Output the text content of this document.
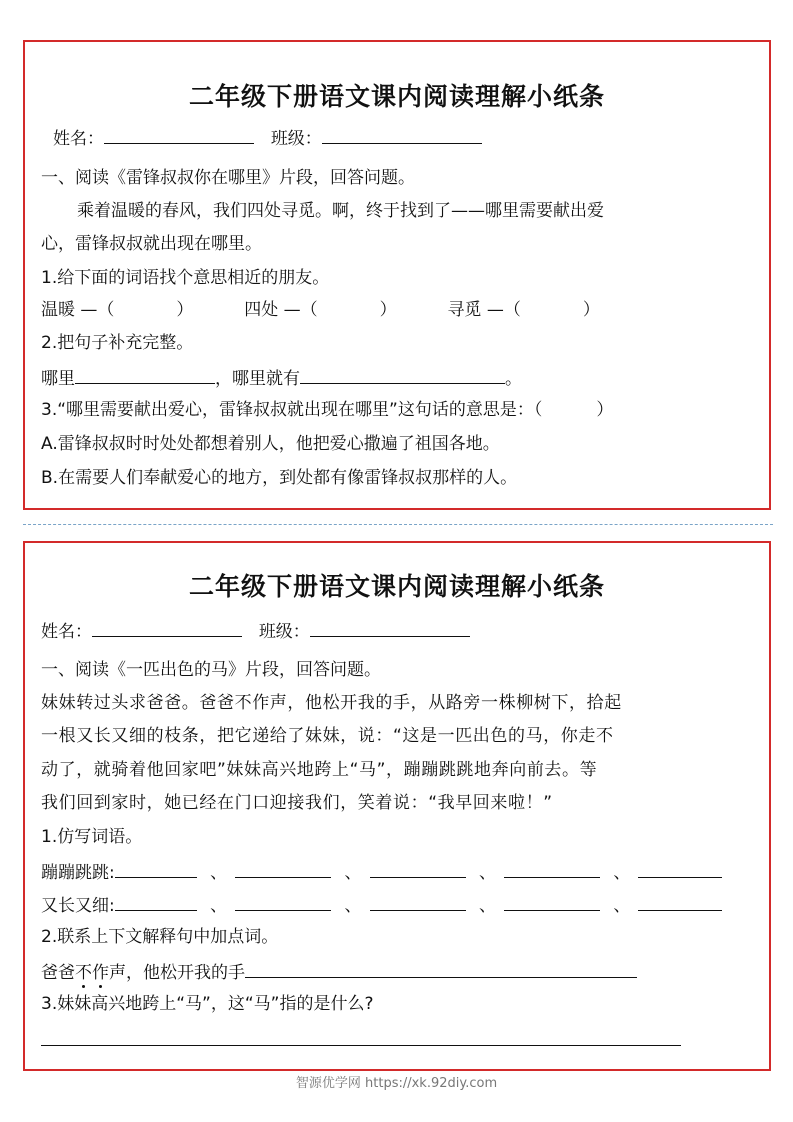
二年级下册语文课内阅读理解小纸条
姓名：	班级：
一、阅读《雷锋叔叔你在哪里》片段，回答问题。
乘着温暖的春风，我们四处寻觅。啊，终于找到了——哪里需要献出爱
心，雷锋叔叔就出现在哪里。
1.给下面的词语找个意思相近的朋友。
温暖 —（	）	四处 —（	）	寻觅 —（	）
2.把句子补充完整。
哪里	，哪里就有	。
3.“哪里需要献出爱心，雷锋叔叔就出现在哪里”这句话的意思是：（	）
A.雷锋叔叔时时处处都想着别人，他把爱心撒遍了祖国各地。
B.在需要人们奉献爱心的地方，到处都有像雷锋叔叔那样的人。
二年级下册语文课内阅读理解小纸条
姓名：	班级：
一、阅读《一匹出色的马》片段，回答问题。
妹妹转过头求爸爸。爸爸不作声，他松开我的手，从路旁一株柳树下，拾起
一根又长又细的枝条，把它递给了妹妹，说：“这是一匹出色的马，你走不
动了，就骑着他回家吧”妹妹高兴地跨上“马”，蹦蹦跳跳地奔向前去。等
我们回到家时，她已经在门口迎接我们，笑着说：“我早回来啦！”
1.仿写词语。
蹦蹦跳跳:	、	、	、	、
又长又细:	、	、	、	、
2.联系上下文解释句中加点词。
爸爸不作声，他松开我的手
3.妹妹高兴地跨上“马”，这“马”指的是什么?
智源优学网 https://xk.92diy.com
